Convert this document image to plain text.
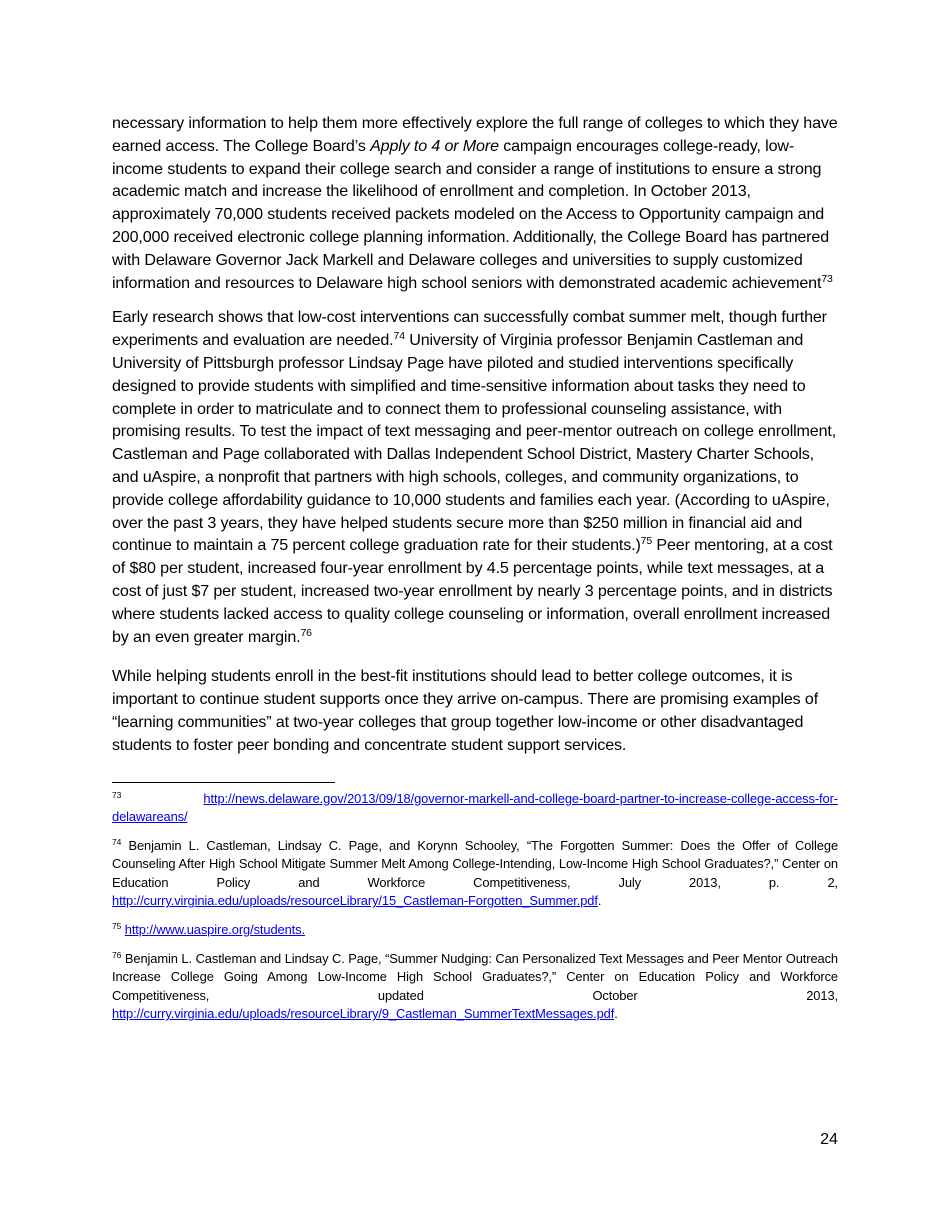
necessary information to help them more effectively explore the full range of colleges to which they have earned access. The College Board’s Apply to 4 or More campaign encourages college-ready, low-income students to expand their college search and consider a range of institutions to ensure a strong academic match and increase the likelihood of enrollment and completion. In October 2013, approximately 70,000 students received packets modeled on the Access to Opportunity campaign and 200,000 received electronic college planning information. Additionally, the College Board has partnered with Delaware Governor Jack Markell and Delaware colleges and universities to supply customized information and resources to Delaware high school seniors with demonstrated academic achievement$^{73}$

Early research shows that low-cost interventions can successfully combat summer melt, though further experiments and evaluation are needed.$^{74}$ University of Virginia professor Benjamin Castleman and University of Pittsburgh professor Lindsay Page have piloted and studied interventions specifically designed to provide students with simplified and time-sensitive information about tasks they need to complete in order to matriculate and to connect them to professional counseling assistance, with promising results. To test the impact of text messaging and peer-mentor outreach on college enrollment, Castleman and Page collaborated with Dallas Independent School District, Mastery Charter Schools, and uAspire, a nonprofit that partners with high schools, colleges, and community organizations, to provide college affordability guidance to 10,000 students and families each year. (According to uAspire, over the past 3 years, they have helped students secure more than $250 million in financial aid and continue to maintain a 75 percent college graduation rate for their students.)$^{75}$ Peer mentoring, at a cost of $80 per student, increased four-year enrollment by 4.5 percentage points, while text messages, at a cost of just $7 per student, increased two-year enrollment by nearly 3 percentage points, and in districts where students lacked access to quality college counseling or information, overall enrollment increased by an even greater margin.$^{76}$

While helping students enroll in the best-fit institutions should lead to better college outcomes, it is important to continue student supports once they arrive on-campus. There are promising examples of “learning communities” at two-year colleges that group together low-income or other disadvantaged students to foster peer bonding and concentrate student support services.

$^{73}$	http://news.delaware.gov/2013/09/18/governor-markell-and-college-board-partner-to-increase-college-access-for-delawareans/

$^{74}$ Benjamin L. Castleman, Lindsay C. Page, and Korynn Schooley, “The Forgotten Summer: Does the Offer of College Counseling After High School Mitigate Summer Melt Among College-Intending, Low-Income High School Graduates?,” Center on Education Policy and Workforce Competitiveness, July 2013, p. 2, http://curry.virginia.edu/uploads/resourceLibrary/15_Castleman-Forgotten_Summer.pdf.

$^{75}$ http://www.uaspire.org/students.

$^{76}$ Benjamin L. Castleman and Lindsay C. Page, “Summer Nudging: Can Personalized Text Messages and Peer Mentor Outreach Increase College Going Among Low-Income High School Graduates?,” Center on Education Policy and Workforce Competitiveness, updated October 2013, http://curry.virginia.edu/uploads/resourceLibrary/9_Castleman_SummerTextMessages.pdf.

24
